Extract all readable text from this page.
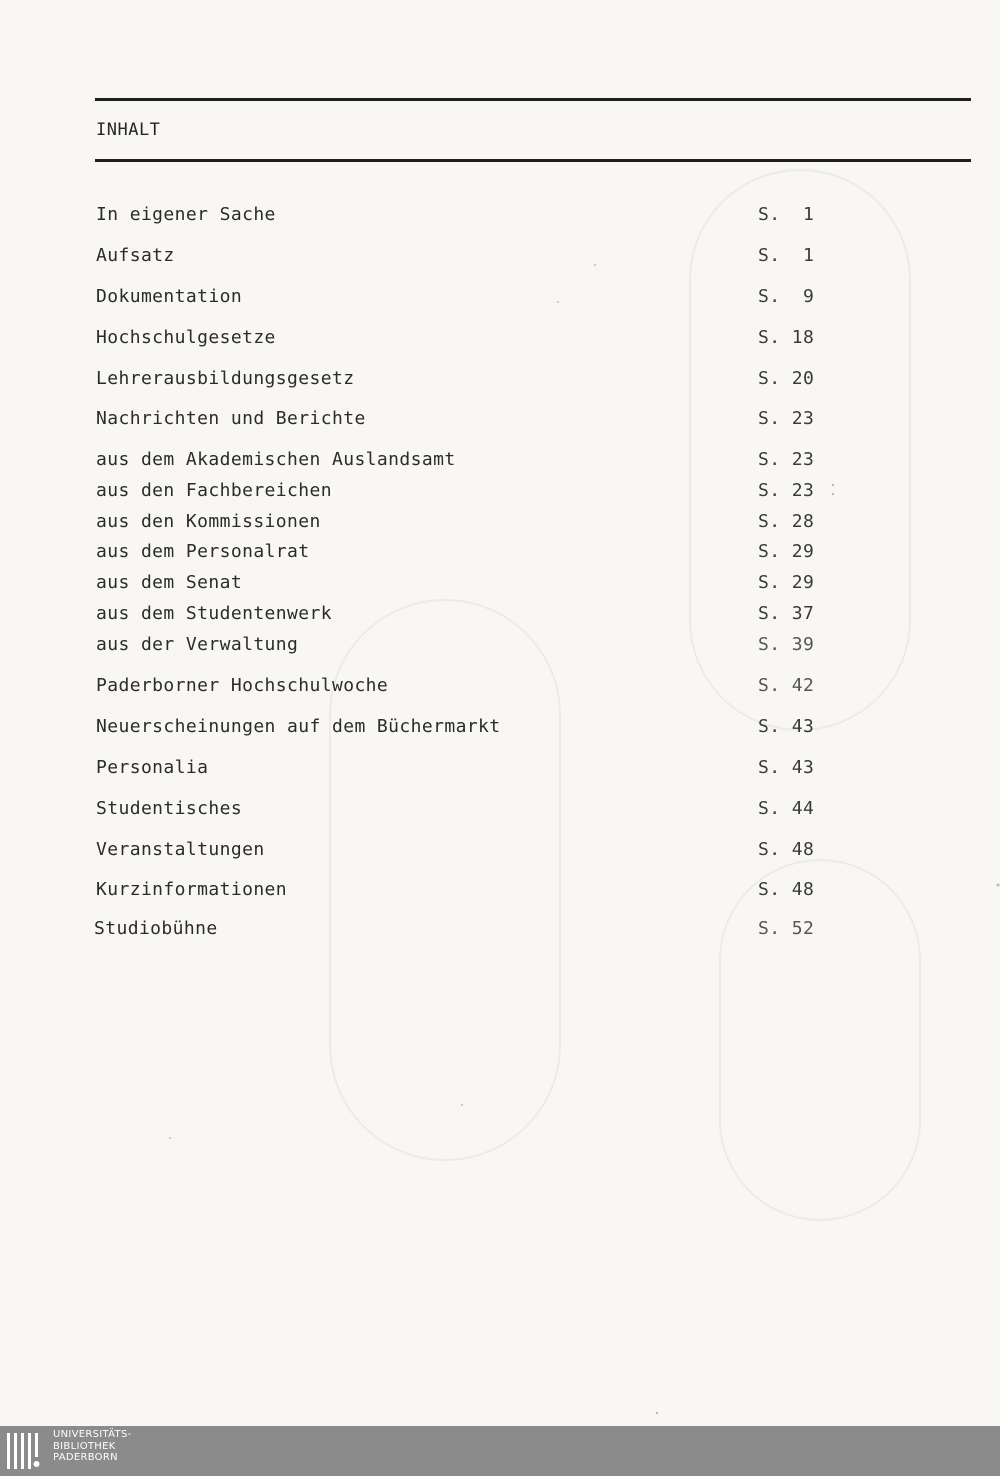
INHALT
In eigener Sache	S.  1
Aufsatz	S.  1
Dokumentation	S.  9
Hochschulgesetze	S. 18
Lehrerausbildungsgesetz	S. 20
Nachrichten und Berichte	S. 23
aus dem Akademischen Auslandsamt	S. 23
aus den Fachbereichen	S. 23
aus den Kommissionen	S. 28
aus dem Personalrat	S. 29
aus dem Senat	S. 29
aus dem Studentenwerk	S. 37
aus der Verwaltung	S. 39
Paderborner Hochschulwoche	S. 42
Neuerscheinungen auf dem Büchermarkt	S. 43
Personalia	S. 43
Studentisches	S. 44
Veranstaltungen	S. 48
Kurzinformationen	S. 48
Studiobühne	S. 52
UNIVERSITÄTS-
BIBLIOTHEK
PADERBORN
